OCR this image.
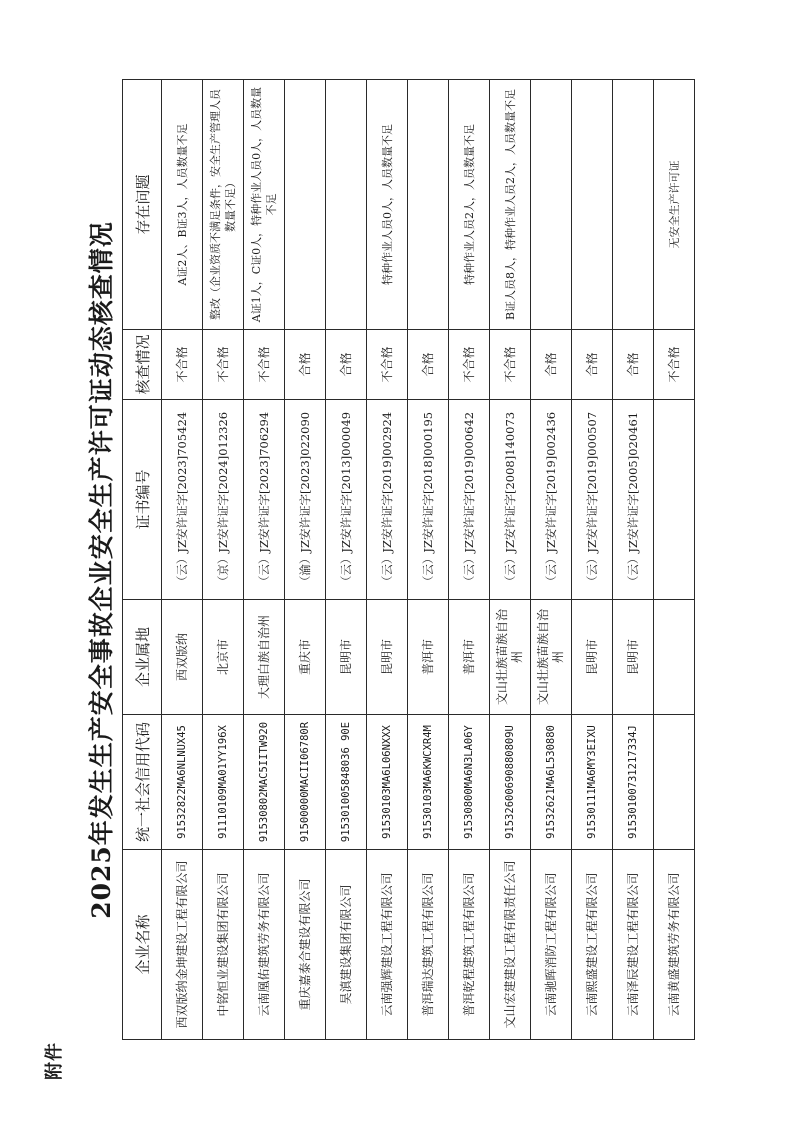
附件
2025年发生生产安全事故企业安全生产许可证动态核查情况
企业名称	统一社会信用代码	企业属地	证书编号	核查情况	存在问题
西双版纳金坤建设工程有限公司	91532822MA6NLNUX45	西双版纳	（云）JZ安许证字[2023]705424	不合格	A证2人、B证3人，人员数量不足
中铭恒业建设集团有限公司	91110109MA01YY196X	北京市	（京）JZ安许证字[2024]012326	不合格	整改（企业资质不满足条件，安全生产管理人员数量不足）
云南凰佑建筑劳务有限公司	91530802MAC5IITW920	大理白族自治州	（云）JZ安许证字[2023]706294	不合格	A证1人，C证0人，特种作业人员0人，人员数量不足
重庆嘉泰合建设有限公司	91500000MACII06780R	重庆市	（渝）JZ安许证字[2023]022090	合格	
昊滇建设集团有限公司	915301005848036 90E	昆明市	（云）JZ安许证字[2013]000049	合格	
云南强辉建设工程有限公司	91530103MA6L06NXXX	昆明市	（云）JZ安许证字[2019]002924	不合格	特种作业人员0人，人员数量不足
普洱瑞达建筑工程有限公司	91530103MA6KWCXR4M	普洱市	（云）JZ安许证字[2018]000195	合格	
普洱乾程建筑工程有限公司	91530800MA6N3LA06Y	普洱市	（云）JZ安许证字[2019]000642	不合格	特种作业人员2人，人员数量不足
文山宏建建设工程有限责任公司	91532600690880809U	文山壮族苗族自治州	（云）JZ安许证字[2008]140073	不合格	B证人员8人，特种作业人员2人，人员数量不足
云南驰晖消防工程有限公司	91532621MA6L530880	文山壮族苗族自治州	（云）JZ安许证字[2019]002436	合格	
云南熙盛建设工程有限公司	91530111MA6MY3EIXU	昆明市	（云）JZ安许证字[2019]000507	合格	
云南泽辰建设工程有限公司	91530100731217334J	昆明市	（云）JZ安许证字[2005]020461	合格	
云南黄盛建筑劳务有限公司				不合格	无安全生产许可证
